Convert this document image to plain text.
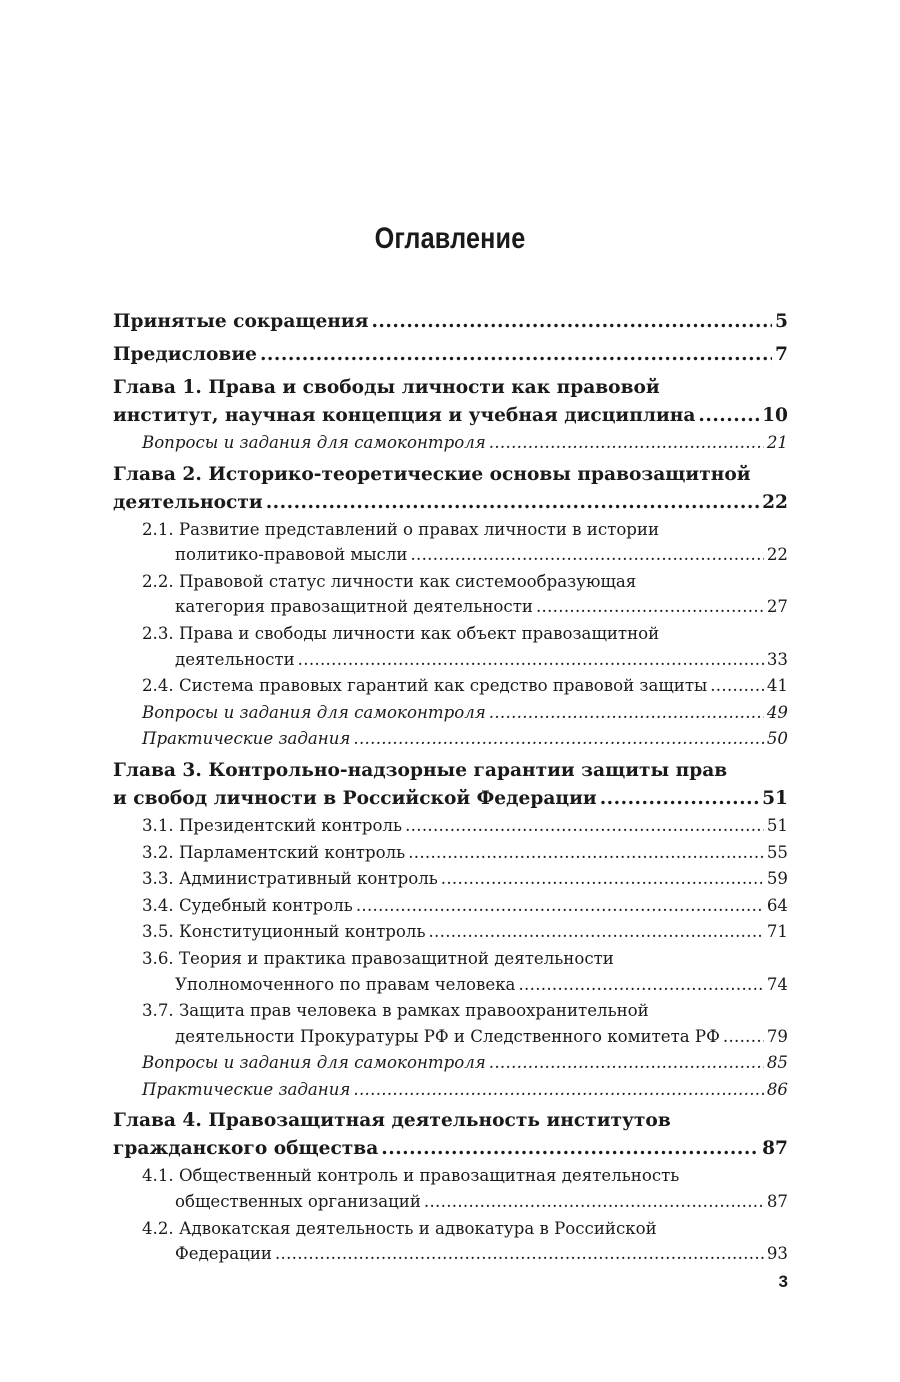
Оглавление
Принятые сокращения .....	5
Предисловие .....	7
Глава 1. Права и свободы личности как правовой
институт, научная концепция и учебная дисциплина .....	10
Вопросы и задания для самоконтроля .....	21
Глава 2. Историко-теоретические основы правозащитной
деятельности .....	22
2.1. Развитие представлений о правах личности в истории
политико-правовой мысли .....	22
2.2. Правовой статус личности как системообразующая
категория правозащитной деятельности .....	27
2.3. Права и свободы личности как объект правозащитной
деятельности .....	33
2.4. Система правовых гарантий как средство правовой защиты .....	41
Вопросы и задания для самоконтроля .....	49
Практические задания .....	50
Глава 3. Контрольно-надзорные гарантии защиты прав
и свобод личности в Российской Федерации .....	51
3.1. Президентский контроль .....	51
3.2. Парламентский контроль .....	55
3.3. Административный контроль .....	59
3.4. Судебный контроль .....	64
3.5. Конституционный контроль .....	71
3.6. Теория и практика правозащитной деятельности
Уполномоченного по правам человека .....	74
3.7. Защита прав человека в рамках правоохранительной
деятельности Прокуратуры РФ и Следственного комитета РФ .....	79
Вопросы и задания для самоконтроля .....	85
Практические задания .....	86
Глава 4. Правозащитная деятельность институтов
гражданского общества .....	87
4.1. Общественный контроль и правозащитная деятельность
общественных организаций .....	87
4.2. Адвокатская деятельность и адвокатура в Российской
Федерации .....	93
3
